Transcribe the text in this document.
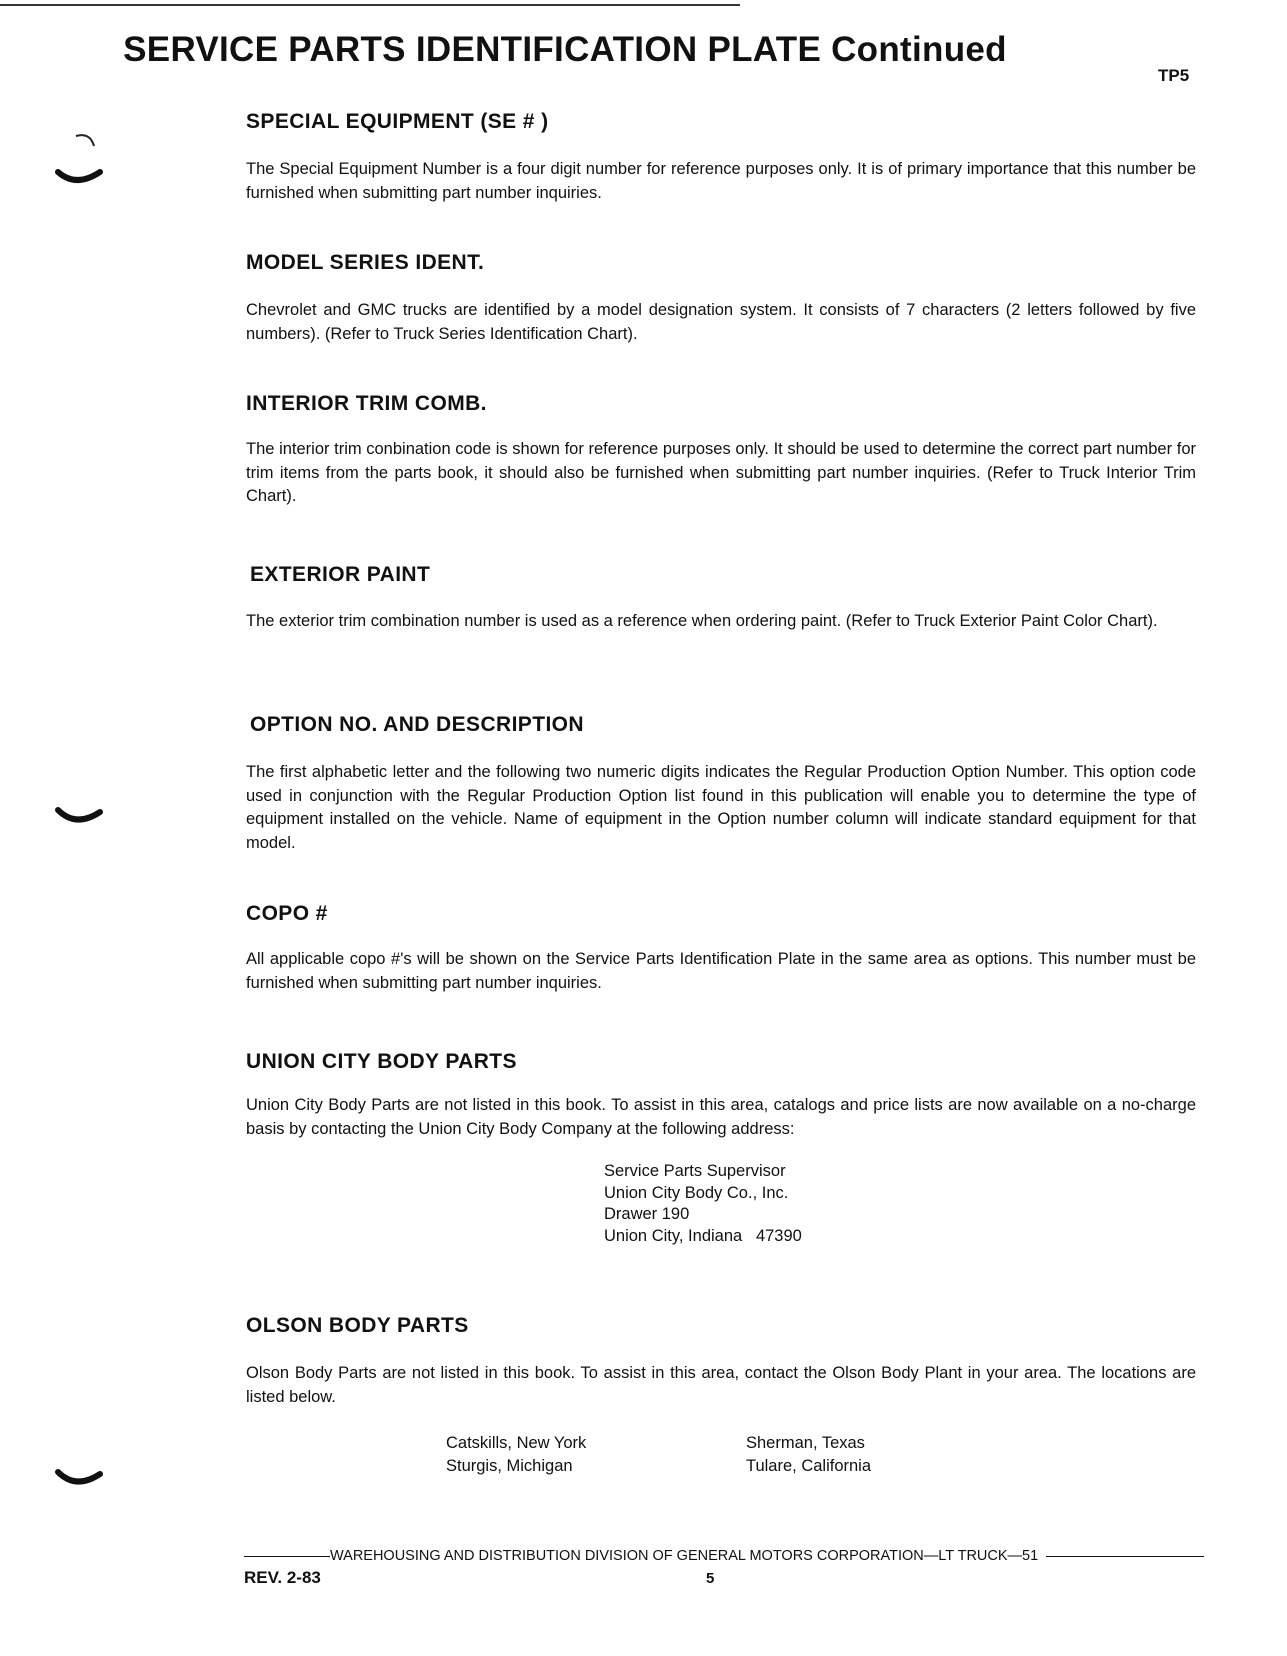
SERVICE PARTS IDENTIFICATION PLATE Continued
TP5
SPECIAL EQUIPMENT (SE # )

The Special Equipment Number is a four digit number for reference purposes only. It is of primary importance that this number be furnished when submitting part number inquiries.

MODEL SERIES IDENT.

Chevrolet and GMC trucks are identified by a model designation system. It consists of 7 characters (2 letters followed by five numbers). (Refer to Truck Series Identification Chart).

INTERIOR TRIM COMB.

The interior trim conbination code is shown for reference purposes only. It should be used to determine the correct part number for trim items from the parts book, it should also be furnished when submitting part number inquiries. (Refer to Truck Interior Trim Chart).

EXTERIOR PAINT

The exterior trim combination number is used as a reference when ordering paint. (Refer to Truck Exterior Paint Color Chart).

OPTION NO. AND DESCRIPTION

The first alphabetic letter and the following two numeric digits indicates the Regular Production Option Number. This option code used in conjunction with the Regular Production Option list found in this publication will enable you to determine the type of equipment installed on the vehicle. Name of equipment in the Option number column will indicate standard equipment for that model.

COPO #

All applicable copo #'s will be shown on the Service Parts Identification Plate in the same area as options. This number must be furnished when submitting part number inquiries.

UNION CITY BODY PARTS

Union City Body Parts are not listed in this book. To assist in this area, catalogs and price lists are now available on a no-charge basis by contacting the Union City Body Company at the following address:

Service Parts Supervisor
Union City Body Co., Inc.
Drawer 190
Union City, Indiana   47390
OLSON BODY PARTS

Olson Body Parts are not listed in this book. To assist in this area, contact the Olson Body Plant in your area. The locations are listed below.

Catskills, New York
Sturgis, Michigan
Sherman, Texas
Tulare, California
WAREHOUSING AND DISTRIBUTION DIVISION OF GENERAL MOTORS CORPORATION—LT TRUCK—51
REV. 2-83	5
